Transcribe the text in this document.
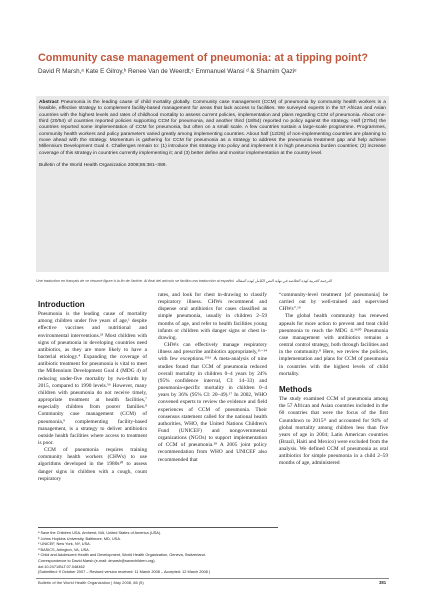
Community case management of pneumonia: at a tipping point?
David R Marsh,ᵃ Kate E Gilroy,ᵇ Renee Van de Weerdt,ᶜ Emmanuel Wansi ᵈ & Shamim Qaziᵉ
Abstract Pneumonia is the leading cause of child mortality globally. Community case management (CCM) of pneumonia by community health workers is a feasible, effective strategy to complement facility-based management for areas that lack access to facilities. We surveyed experts in the 57 African and Asian countries with the highest levels and rates of childhood mortality to assess current policies, implementation and plans regarding CCM of pneumonia. About one-third (20/54) of countries reported policies supporting CCM for pneumonia, and another third (18/54) reported no policy against the strategy. Half (27/54) the countries reported some implementation of CCM for pneumonia, but often on a small scale. A few countries sustain a large-scale programme. Programmes, community health workers and policy parameters varied greatly among implementing countries. About half (12/26) of non-implementing countries are planning to move ahead with the strategy. Momentum is gathering for CCM for pneumonia as a strategy to address the pneumonia treatment gap and help achieve Millennium Development Goal 4. Challenges remain to: (1) introduce this strategy into policy and implement it in high pneumonia burden countries; (2) increase coverage of this strategy in countries currently implementing it; and (3) better define and monitor implementation at the country level.
Bulletin of the World Health Organization 2008;86:381–389.
Une traduction en français de ce résumé figure à la fin de l'article. Al final del artículo se facilita una traducción al español. الترجمة العربية لهذه الخلاصة في نهاية النص الكامل لهذه المقالة
Introduction

Pneumonia is the leading cause of mortality among children under five years of age,¹ despite effective vaccines and nutritional and environmental interventions.²³ Most children with signs of pneumonia in developing countries need antibiotics, as they are more likely to have a bacterial etiology.⁴ Expanding the coverage of antibiotic treatment for pneumonia is vital to meet the Millennium Development Goal 4 (MDG 4) of reducing under-five mortality by two-thirds by 2015, compared to 1990 levels.⁵⁶ However, many children with pneumonia do not receive timely, appropriate treatment at health facilities,⁷ especially children from poorer families.⁸ Community case management (CCM) of pneumonia,⁹ complementing facility-based management, is a strategy to deliver antibiotics outside health facilities where access to treatment is poor.

CCM of pneumonia requires training community health workers (CHWs) to use algorithms developed in the 1980s¹⁰ to assess danger signs in children with a cough, count respiratory

rates, and look for chest in-drawing to classify respiratory illness. CHWs recommend and dispense oral antibiotics for cases classified as simple pneumonia, usually in children 2–59 months of age, and refer to health facilities young infants or children with danger signs or chest in-drawing.

CHWs can effectively manage respiratory illness and prescribe antibiotics appropriately,¹¹⁻¹⁴ with few exceptions.¹⁵¹⁶ A meta-analysis of nine studies found that CCM of pneumonia reduced overall mortality in children 0–4 years by 24% (95% confidence interval, CI: 14–33) and pneumonia-specific mortality in children 0–4 years by 36% (95% CI: 20–49).¹⁷ In 2002, WHO convened experts to review the evidence and field experiences of CCM of pneumonia. Their consensus statement called for the national health authorities, WHO, the United Nations Children's Fund (UNICEF) and nongovernmental organizations (NGOs) to support implementation of CCM of pneumonia.¹⁸ A 2005 joint policy recommendation from WHO and UNICEF also recommended that

“community-level treatment [of pneumonia] be carried out by well-trained and supervised CHWs”.¹⁹

The global health community has renewed appeals for more action to prevent and treat child pneumonia to reach the MDG 4.³⁶²⁰ Pneumonia case management with antibiotics remains a central control strategy, both through facilities and in the community.⁸ Here, we review the policies, implementation and plans for CCM of pneumonia in countries with the highest levels of child mortality.

Methods

The study examined CCM of pneumonia among the 57 African and Asian countries included in the 60 countries that were the focus of the first Countdown to 2015²¹ and accounted for 94% of global mortality among children less than five years of age in 2004; Latin American countries (Brazil, Haiti and Mexico) were excluded from the analysis. We defined CCM of pneumonia as oral antibiotics for simple pneumonia in a child 2–59 months of age, administered

ᵃ Save the Children USA, Amherst, MA, United States of America (USA).
ᵇ Johns Hopkins University, Baltimore, MD, USA.
ᶜ UNICEF, New York, NY, USA.
ᵈ BASICS, Arlington, VA, USA.
ᵉ Child and Adolescent Health and Development, World Health Organization, Geneva, Switzerland.
Correspondence to David Marsh (e-mail: dmarsh@savechildren.org).
doi:10.2471/BLT.07.048462
(Submitted: 9 October 2007 – Revised version received: 11 March 2008 – Accepted: 12 March 2008 )
Bulletin of the World Health Organization | May 2008, 86 (5)	381
